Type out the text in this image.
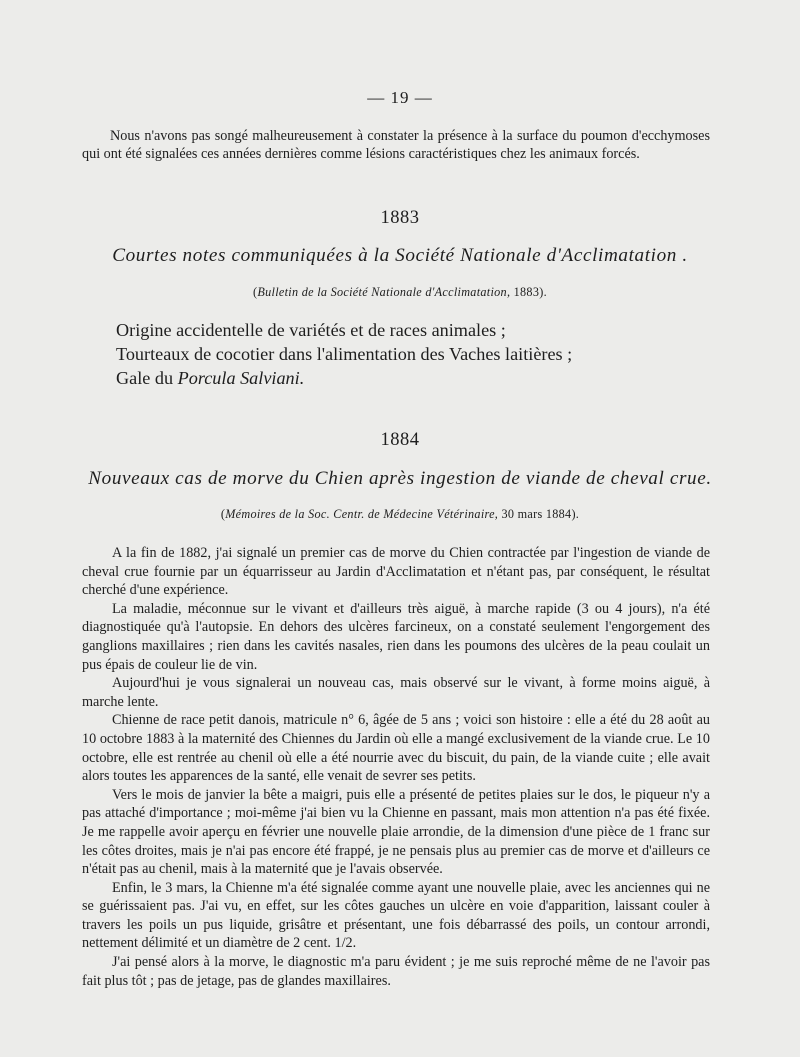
— 19 —
Nous n'avons pas songé malheureusement à constater la présence à la surface du poumon d'ecchymoses qui ont été signalées ces années dernières comme lésions caractéristiques chez les animaux forcés.
1883
Courtes notes communiquées à la Société Nationale d'Acclimatation .
(Bulletin de la Société Nationale d'Acclimatation, 1883).
Origine accidentelle de variétés et de races animales ;
Tourteaux de cocotier dans l'alimentation des Vaches laitières ;
Gale du Porcula Salviani.
1884
Nouveaux cas de morve du Chien après ingestion de viande de cheval crue.
(Mémoires de la Soc. Centr. de Médecine Vétérinaire, 30 mars 1884).

A la fin de 1882, j'ai signalé un premier cas de morve du Chien contractée par l'ingestion de viande de cheval crue fournie par un équarrisseur au Jardin d'Acclimatation et n'étant pas, par conséquent, le résultat cherché d'une expérience.

La maladie, méconnue sur le vivant et d'ailleurs très aiguë, à marche rapide (3 ou 4 jours), n'a été diagnostiquée qu'à l'autopsie. En dehors des ulcères farcineux, on a constaté seulement l'engorgement des ganglions maxillaires ; rien dans les cavités nasales, rien dans les poumons des ulcères de la peau coulait un pus épais de couleur lie de vin.

Aujourd'hui je vous signalerai un nouveau cas, mais observé sur le vivant, à forme moins aiguë, à marche lente.

Chienne de race petit danois, matricule n° 6, âgée de 5 ans ; voici son histoire : elle a été du 28 août au 10 octobre 1883 à la maternité des Chiennes du Jardin où elle a mangé exclusivement de la viande crue. Le 10 octobre, elle est rentrée au chenil où elle a été nourrie avec du biscuit, du pain, de la viande cuite ; elle avait alors toutes les apparences de la santé, elle venait de sevrer ses petits.

Vers le mois de janvier la bête a maigri, puis elle a présenté de petites plaies sur le dos, le piqueur n'y a pas attaché d'importance ; moi-même j'ai bien vu la Chienne en passant, mais mon attention n'a pas été fixée. Je me rappelle avoir aperçu en février une nouvelle plaie arrondie, de la dimension d'une pièce de 1 franc sur les côtes droites, mais je n'ai pas encore été frappé, je ne pensais plus au premier cas de morve et d'ailleurs ce n'était pas au chenil, mais à la maternité que je l'avais observée.

Enfin, le 3 mars, la Chienne m'a été signalée comme ayant une nouvelle plaie, avec les anciennes qui ne se guérissaient pas. J'ai vu, en effet, sur les côtes gauches un ulcère en voie d'apparition, laissant couler à travers les poils un pus liquide, grisâtre et présentant, une fois débarrassé des poils, un contour arrondi, nettement délimité et un diamètre de 2 cent. 1/2.

J'ai pensé alors à la morve, le diagnostic m'a paru évident ; je me suis reproché même de ne l'avoir pas fait plus tôt ; pas de jetage, pas de glandes maxillaires.
